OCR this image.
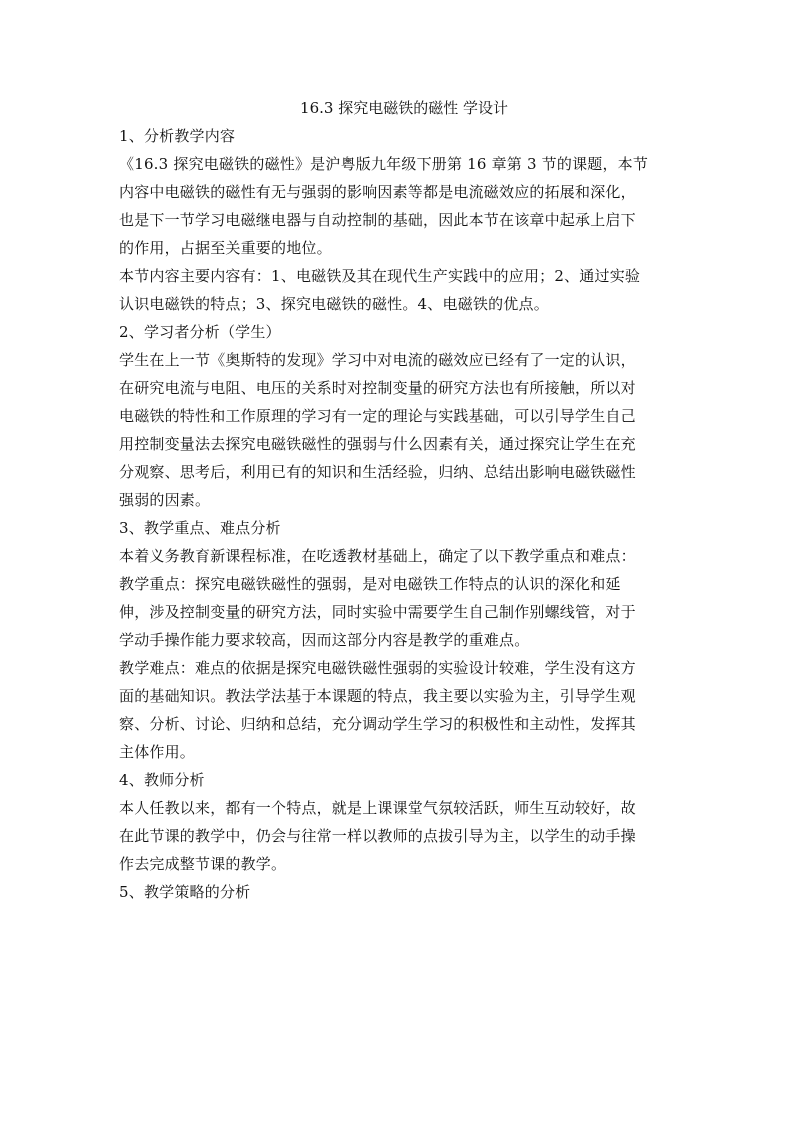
16.3 探究电磁铁的磁性 学设计

1、分析教学内容

《16.3 探究电磁铁的磁性》是沪粤版九年级下册第 16 章第 3 节的课题，本节

内容中电磁铁的磁性有无与强弱的影响因素等都是电流磁效应的拓展和深化，

也是下一节学习电磁继电器与自动控制的基础，因此本节在该章中起承上启下

的作用，占据至关重要的地位。

本节内容主要内容有：1、电磁铁及其在现代生产实践中的应用；2、通过实验

认识电磁铁的特点；3、探究电磁铁的磁性。4、电磁铁的优点。

2、学习者分析（学生）

学生在上一节《奥斯特的发现》学习中对电流的磁效应已经有了一定的认识，

在研究电流与电阻、电压的关系时对控制变量的研究方法也有所接触，所以对

电磁铁的特性和工作原理的学习有一定的理论与实践基础，可以引导学生自己

用控制变量法去探究电磁铁磁性的强弱与什么因素有关，通过探究让学生在充

分观察、思考后，利用已有的知识和生活经验，归纳、总结出影响电磁铁磁性

强弱的因素。

3、教学重点、难点分析

本着义务教育新课程标准，在吃透教材基础上，确定了以下教学重点和难点：

教学重点：探究电磁铁磁性的强弱，是对电磁铁工作特点的认识的深化和延

伸，涉及控制变量的研究方法，同时实验中需要学生自己制作别螺线管，对于

学动手操作能力要求较高，因而这部分内容是教学的重难点。

教学难点：难点的依据是探究电磁铁磁性强弱的实验设计较难，学生没有这方

面的基础知识。教法学法基于本课题的特点，我主要以实验为主，引导学生观

察、分析、讨论、归纳和总结，充分调动学生学习的积极性和主动性，发挥其

主体作用。

4、教师分析

本人任教以来，都有一个特点，就是上课课堂气氛较活跃，师生互动较好，故

在此节课的教学中，仍会与往常一样以教师的点拔引导为主，以学生的动手操

作去完成整节课的教学。

5、教学策略的分析
